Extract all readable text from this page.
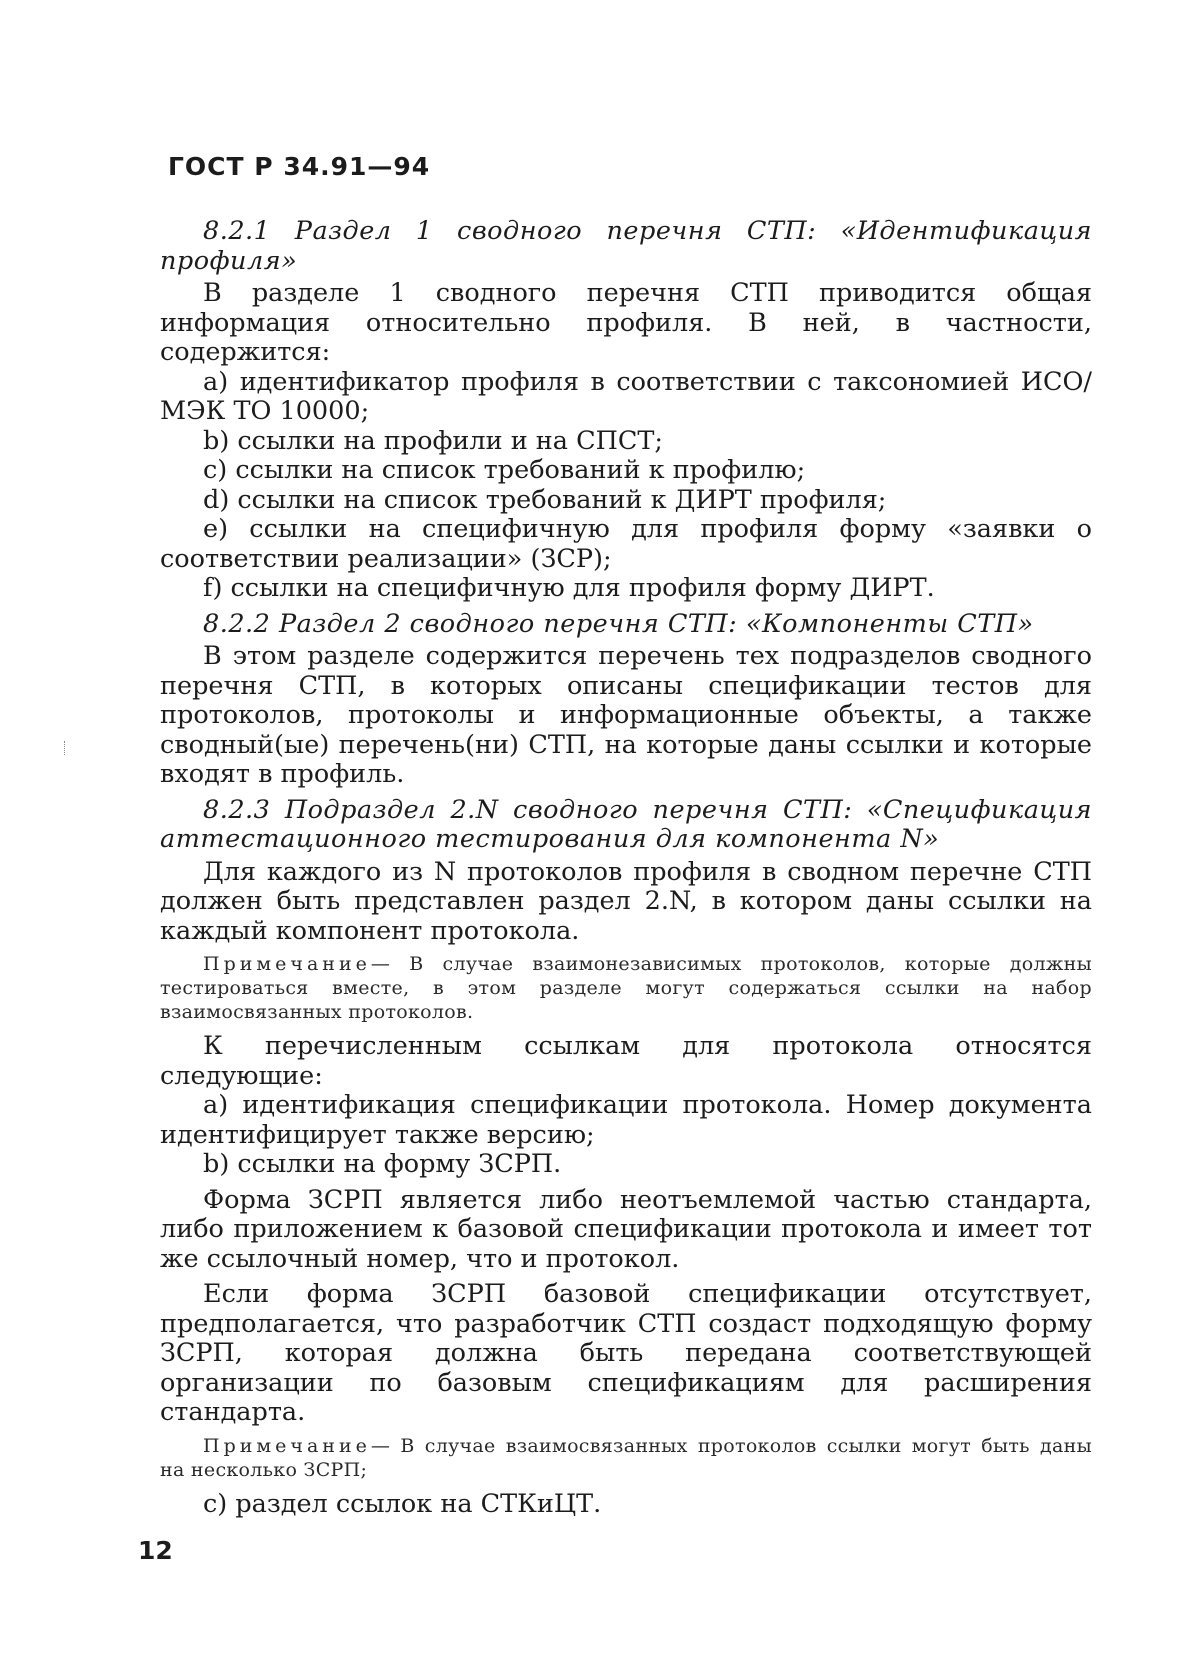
ГОСТ Р 34.91—94

8.2.1 Раздел 1 сводного перечня СТП: «Идентификация профиля»

В разделе 1 сводного перечня СТП приводится общая информация относительно профиля. В ней, в частности, содержится:

a) идентификатор профиля в соответствии с таксономией ИСО/МЭК ТО 10000;

b) ссылки на профили и на СПСТ;

c) ссылки на список требований к профилю;

d) ссылки на список требований к ДИРТ профиля;

e) ссылки на специфичную для профиля форму «заявки о соответствии реализации» (ЗСР);

f) ссылки на специфичную для профиля форму ДИРТ.

8.2.2 Раздел 2 сводного перечня СТП: «Компоненты СТП»

В этом разделе содержится перечень тех подразделов сводного перечня СТП, в которых описаны спецификации тестов для протоколов, протоколы и информационные объекты, а также сводный(ые) перечень(ни) СТП, на которые даны ссылки и которые входят в профиль.

8.2.3 Подраздел 2.N сводного перечня СТП: «Спецификация аттестационного тестирования для компонента N»

Для каждого из N протоколов профиля в сводном перечне СТП должен быть представлен раздел 2.N, в котором даны ссылки на каждый компонент протокола.

Примечание— В случае взаимонезависимых протоколов, которые должны тестироваться вместе, в этом разделе могут содержаться ссылки на набор взаимосвязанных протоколов.

К перечисленным ссылкам для протокола относятся следующие:

a) идентификация спецификации протокола. Номер документа идентифицирует также версию;

b) ссылки на форму ЗСРП.

Форма ЗСРП является либо неотъемлемой частью стандарта, либо приложением к базовой спецификации протокола и имеет тот же ссылочный номер, что и протокол.

Если форма ЗСРП базовой спецификации отсутствует, предполагается, что разработчик СТП создаст подходящую форму ЗСРП, которая должна быть передана соответствующей организации по базовым спецификациям для расширения стандарта.

Примечание— В случае взаимосвязанных протоколов ссылки могут быть даны на несколько ЗСРП;

c) раздел ссылок на СТКиЦТ.

12
